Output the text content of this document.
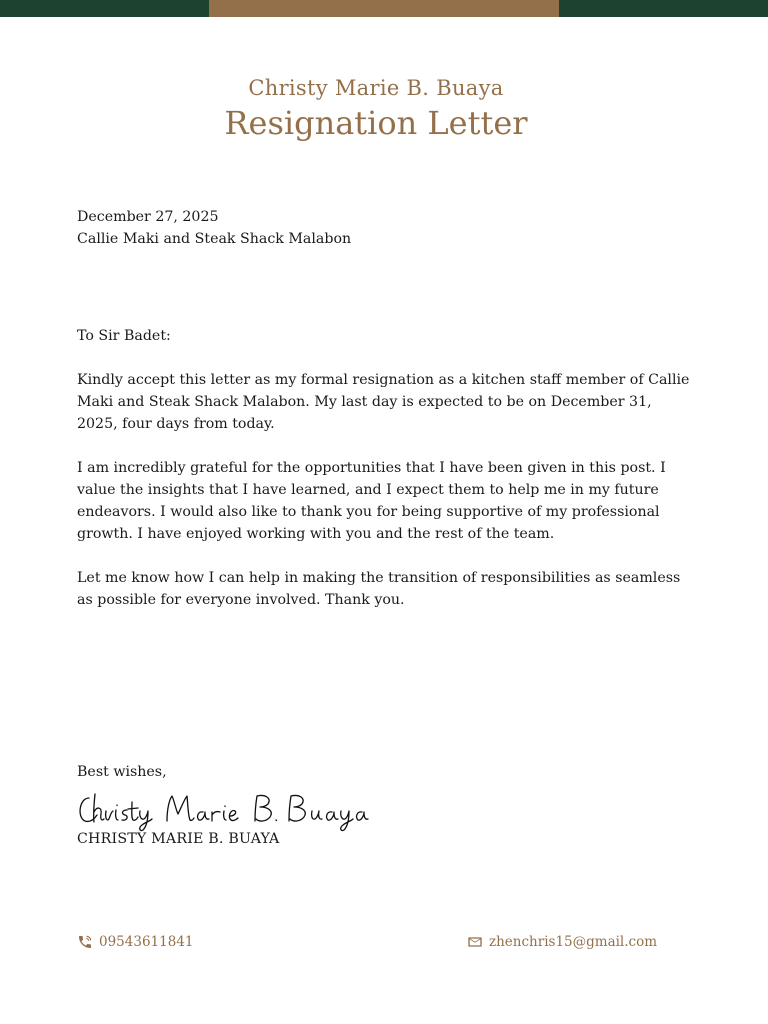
Christy Marie B. Buaya
Resignation Letter
December 27, 2025
Callie Maki and Steak Shack Malabon
To Sir Badet:

Kindly accept this letter as my formal resignation as a kitchen staff member of Callie Maki and Steak Shack Malabon. My last day is expected to be on December 31, 2025, four days from today.

I am incredibly grateful for the opportunities that I have been given in this post. I value the insights that I have learned, and I expect them to help me in my future endeavors. I would also like to thank you for being supportive of my professional growth. I have enjoyed working with you and the rest of the team.

Let me know how I can help in making the transition of responsibilities as seamless as possible for everyone involved. Thank you.

Best wishes,
CHRISTY MARIE B. BUAYA
09543611841	zhenchris15@gmail.com
